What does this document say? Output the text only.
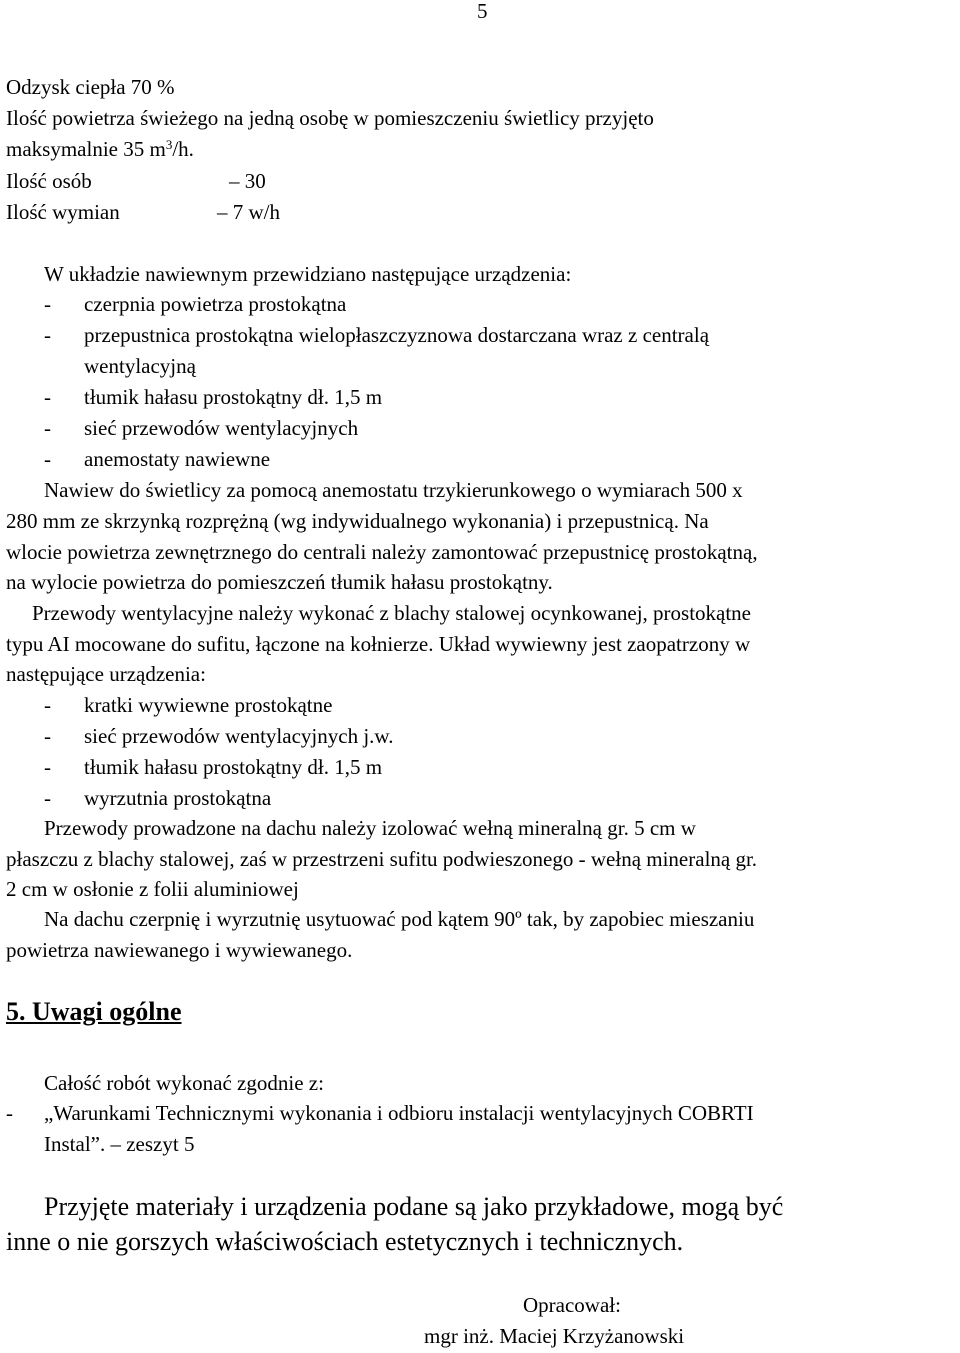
5
Odzysk ciepła 70 %
Ilość powietrza świeżego na jedną osobę w pomieszczeniu świetlicy przyjęto
maksymalnie 35 $m^3/h$.
Ilość osób	– 30
Ilość wymian	– 7 w/h
W układzie nawiewnym przewidziano następujące urządzenia:
- czerpnia powietrza prostokątna
- przepustnica prostokątna wielopłaszczyznowa dostarczana wraz z centralą
wentylacyjną
- tłumik hałasu prostokątny dł. 1,5 m
- sieć przewodów wentylacyjnych
- anemostaty nawiewne
Nawiew do świetlicy za pomocą anemostatu trzykierunkowego o wymiarach 500 x
280 mm ze skrzynką rozprężną (wg indywidualnego wykonania) i przepustnicą. Na
wlocie powietrza zewnętrznego do centrali należy zamontować przepustnicę prostokątną,
na wylocie powietrza do pomieszczeń tłumik hałasu prostokątny.
Przewody wentylacyjne należy wykonać z blachy stalowej ocynkowanej, prostokątne
typu AI mocowane do sufitu, łączone na kołnierze. Układ wywiewny jest zaopatrzony w
następujące urządzenia:
- kratki wywiewne prostokątne
- sieć przewodów wentylacyjnych j.w.
- tłumik hałasu prostokątny dł. 1,5 m
- wyrzutnia prostokątna
Przewody prowadzone na dachu należy izolować wełną mineralną gr. 5 cm w
płaszczu z blachy stalowej, zaś w przestrzeni sufitu podwieszonego - wełną mineralną gr.
2 cm w osłonie z folii aluminiowej
Na dachu czerpnię i wyrzutnię usytuować pod kątem 90º tak, by zapobiec mieszaniu
powietrza nawiewanego i wywiewanego.
5. Uwagi ogólne
Całość robót wykonać zgodnie z:
- „Warunkami Technicznymi wykonania i odbioru instalacji wentylacyjnych COBRTI
Instal”. – zeszyt 5
Przyjęte materiały i urządzenia podane są jako przykładowe, mogą być
inne o nie gorszych właściwościach estetycznych i technicznych.
Opracował:
mgr inż. Maciej Krzyżanowski
